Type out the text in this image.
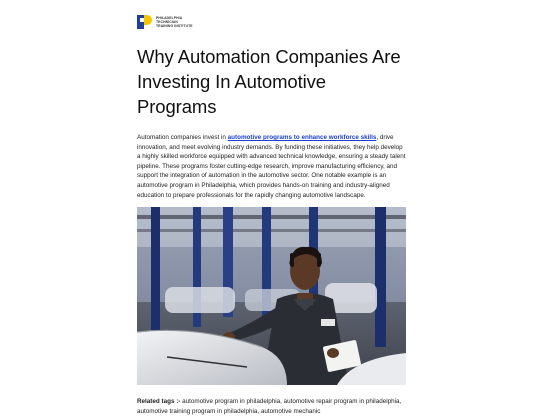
PHILADELPHIA
TECHNICIAN
TRAINING INSTITUTE
Why Automation Companies Are Investing In Automotive Programs

Automation companies invest in automotive programs to enhance workforce skills, drive innovation, and meet evolving industry demands. By funding these initiatives, they help develop a highly skilled workforce equipped with advanced technical knowledge, ensuring a steady talent pipeline. These programs foster cutting-edge research, improve manufacturing efficiency, and support the integration of automation in the automotive sector. One notable example is an automotive program in Philadelphia, which provides hands-on training and industry-aligned education to prepare professionals for the rapidly changing automotive landscape.

Related tags :- automotive program in philadelphia, automotive repair program in philadelphia, automotive training program in philadelphia, automotive mechanic
